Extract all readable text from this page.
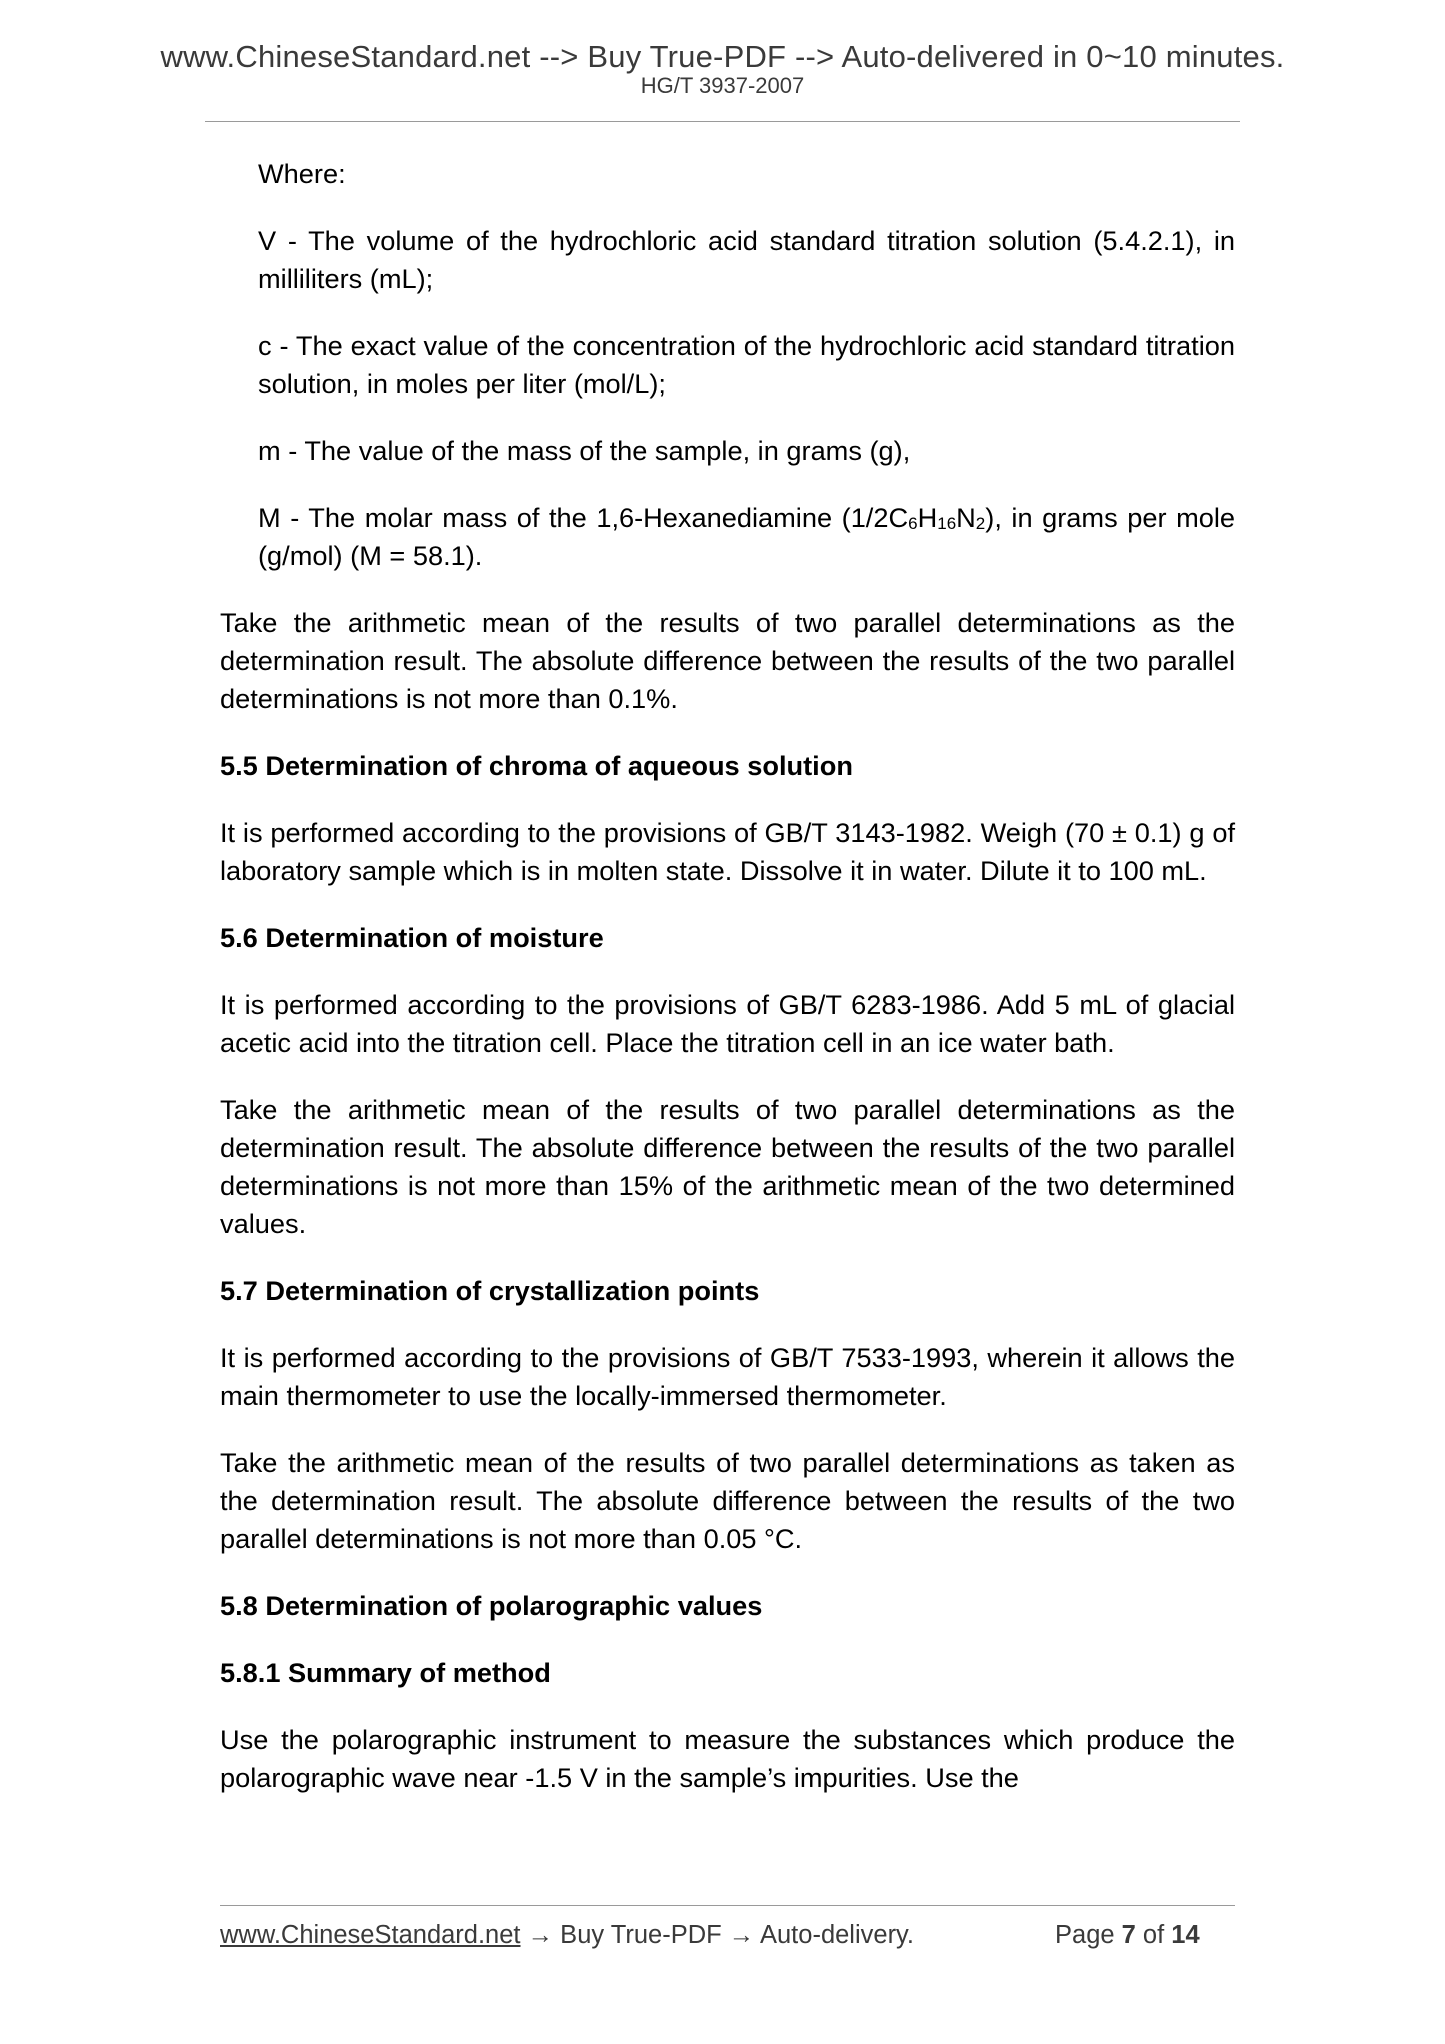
www.ChineseStandard.net --> Buy True-PDF --> Auto-delivered in 0~10 minutes.
HG/T 3937-2007

Where:

V - The volume of the hydrochloric acid standard titration solution (5.4.2.1), in milliliters (mL);

c - The exact value of the concentration of the hydrochloric acid standard titration solution, in moles per liter (mol/L);

m - The value of the mass of the sample, in grams (g),

M - The molar mass of the 1,6-Hexanediamine $(1/2C_6H_{16}N_2)$, in grams per mole (g/mol) (M = 58.1).

Take the arithmetic mean of the results of two parallel determinations as the determination result. The absolute difference between the results of the two parallel determinations is not more than 0.1%.

5.5 Determination of chroma of aqueous solution

It is performed according to the provisions of GB/T 3143-1982. Weigh (70 ± 0.1) g of laboratory sample which is in molten state. Dissolve it in water. Dilute it to 100 mL.

5.6 Determination of moisture

It is performed according to the provisions of GB/T 6283-1986. Add 5 mL of glacial acetic acid into the titration cell. Place the titration cell in an ice water bath.

Take the arithmetic mean of the results of two parallel determinations as the determination result. The absolute difference between the results of the two parallel determinations is not more than 15% of the arithmetic mean of the two determined values.

5.7 Determination of crystallization points

It is performed according to the provisions of GB/T 7533-1993, wherein it allows the main thermometer to use the locally-immersed thermometer.

Take the arithmetic mean of the results of two parallel determinations as taken as the determination result. The absolute difference between the results of the two parallel determinations is not more than 0.05 °C.

5.8 Determination of polarographic values

5.8.1 Summary of method

Use the polarographic instrument to measure the substances which produce the polarographic wave near -1.5 V in the sample’s impurities. Use the

www.ChineseStandard.net → Buy True-PDF → Auto-delivery.	Page 7 of 14
